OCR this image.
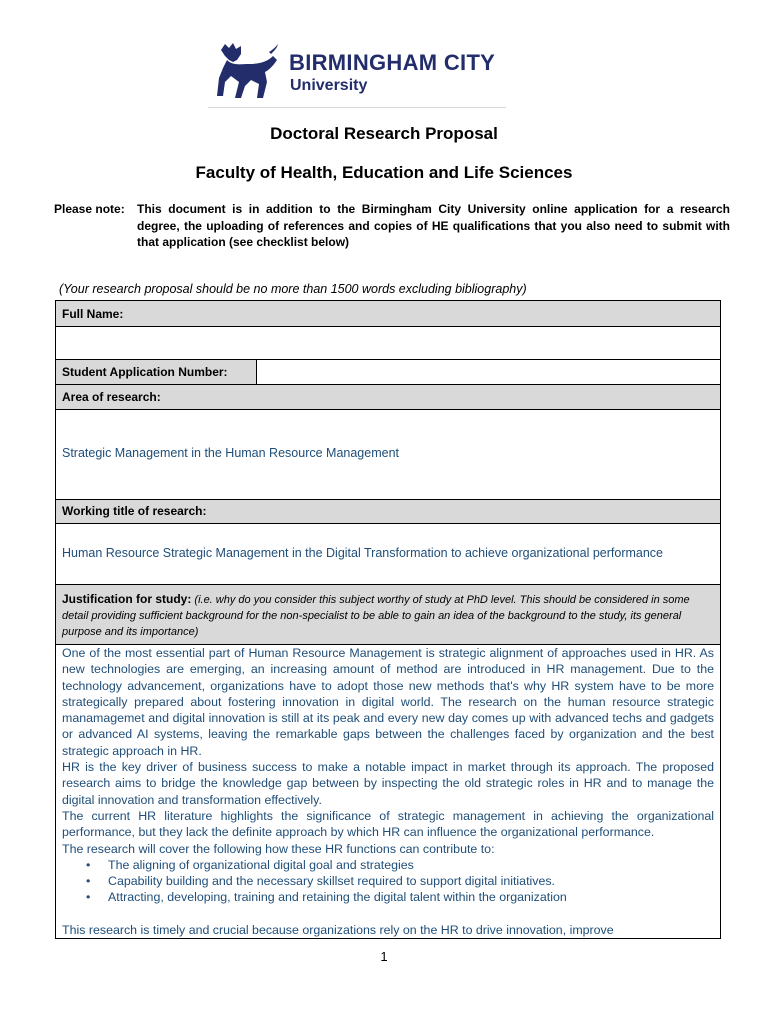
BIRMINGHAM CITY
University
Doctoral Research Proposal
Faculty of Health, Education and Life Sciences
Please note:	This document is in addition to the Birmingham City University online application for a research degree, the uploading of references and copies of HE qualifications that you also need to submit with that application (see checklist below)
(Your research proposal should be no more than 1500 words excluding bibliography)
Full Name:
Student Application Number:
Area of research:
Strategic Management in the Human Resource Management
Working title of research:
Human Resource Strategic Management in the Digital Transformation to achieve organizational performance
Justification for study: (i.e. why do you consider this subject worthy of study at PhD level. This should be considered in some detail providing sufficient background for the non-specialist to be able to gain an idea of the background to the study, its general purpose and its importance)

One of the most essential part of Human Resource Management is strategic alignment of approaches used in HR. As new technologies are emerging, an increasing amount of method are introduced in HR management. Due to the technology advancement, organizations have to adopt those new methods that's why HR system have to be more strategically prepared about fostering innovation in digital world. The research on the human resource strategic manamagemet and digital innovation is still at its peak and every new day comes up with advanced techs and gadgets or advanced AI systems, leaving the remarkable gaps between the challenges faced by organization and the best strategic approach in HR.

HR is the key driver of business success to make a notable impact in market through its approach. The proposed research aims to bridge the knowledge gap between by inspecting the old strategic roles in HR and to manage the digital innovation and transformation effectively.

The current HR literature highlights the significance of strategic management in achieving the organizational performance, but they lack the definite approach by which HR can influence the organizational performance.

The research will cover the following how these HR functions can contribute to:

• The aligning of organizational digital goal and strategies

• Capability building and the necessary skillset required to support digital initiatives.

• Attracting, developing, training and retaining the digital talent within the organization

This research is timely and crucial because organizations rely on the HR to drive innovation, improve

1
